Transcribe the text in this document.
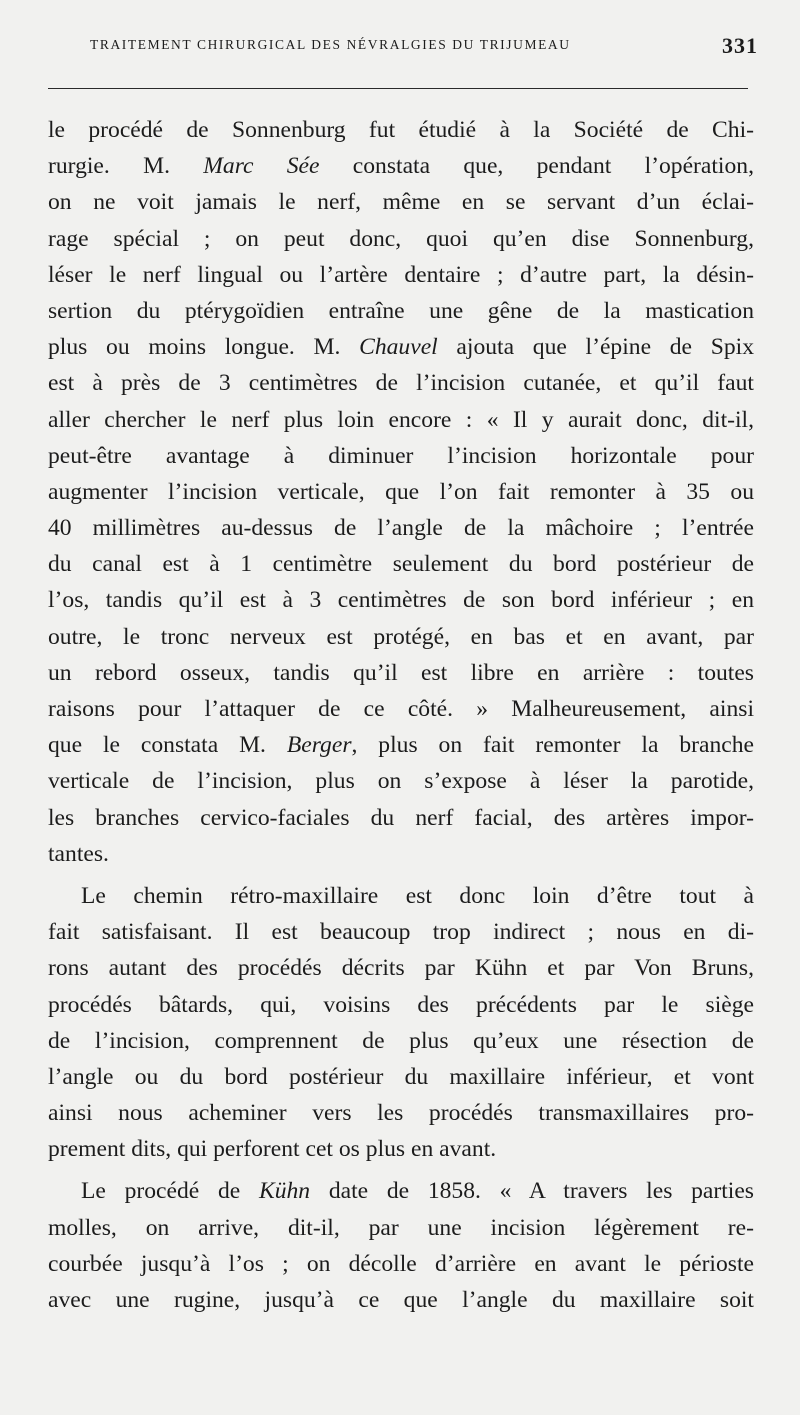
TRAITEMENT CHIRURGICAL DES NÉVRALGIES DU TRIJUMEAU	331
le procédé de Sonnenburg fut étudié à la Société de Chi-
rurgie. M. Marc Sée constata que, pendant l’opération,
on ne voit jamais le nerf, même en se servant d’un éclai-
rage spécial ; on peut donc, quoi qu’en dise Sonnenburg,
léser le nerf lingual ou l’artère dentaire ; d’autre part, la désin-
sertion du ptérygoïdien entraîne une gêne de la mastication
plus ou moins longue. M. Chauvel ajouta que l’épine de Spix
est à près de 3 centimètres de l’incision cutanée, et qu’il faut
aller chercher le nerf plus loin encore : « Il y aurait donc, dit-il,
peut-être avantage à diminuer l’incision horizontale pour
augmenter l’incision verticale, que l’on fait remonter à 35 ou
40 millimètres au-dessus de l’angle de la mâchoire ; l’entrée
du canal est à 1 centimètre seulement du bord postérieur de
l’os, tandis qu’il est à 3 centimètres de son bord inférieur ; en
outre, le tronc nerveux est protégé, en bas et en avant, par
un rebord osseux, tandis qu’il est libre en arrière : toutes
raisons pour l’attaquer de ce côté. » Malheureusement, ainsi
que le constata M. Berger, plus on fait remonter la branche
verticale de l’incision, plus on s’expose à léser la parotide,
les branches cervico-faciales du nerf facial, des artères impor-
tantes.
Le chemin rétro-maxillaire est donc loin d’être tout à
fait satisfaisant. Il est beaucoup trop indirect ; nous en di-
rons autant des procédés décrits par Kühn et par Von Bruns,
procédés bâtards, qui, voisins des précédents par le siège
de l’incision, comprennent de plus qu’eux une résection de
l’angle ou du bord postérieur du maxillaire inférieur, et vont
ainsi nous acheminer vers les procédés transmaxillaires pro-
prement dits, qui perforent cet os plus en avant.
Le procédé de Kühn date de 1858. « A travers les parties
molles, on arrive, dit-il, par une incision légèrement re-
courbée jusqu’à l’os ; on décolle d’arrière en avant le périoste
avec une rugine, jusqu’à ce que l’angle du maxillaire soit
